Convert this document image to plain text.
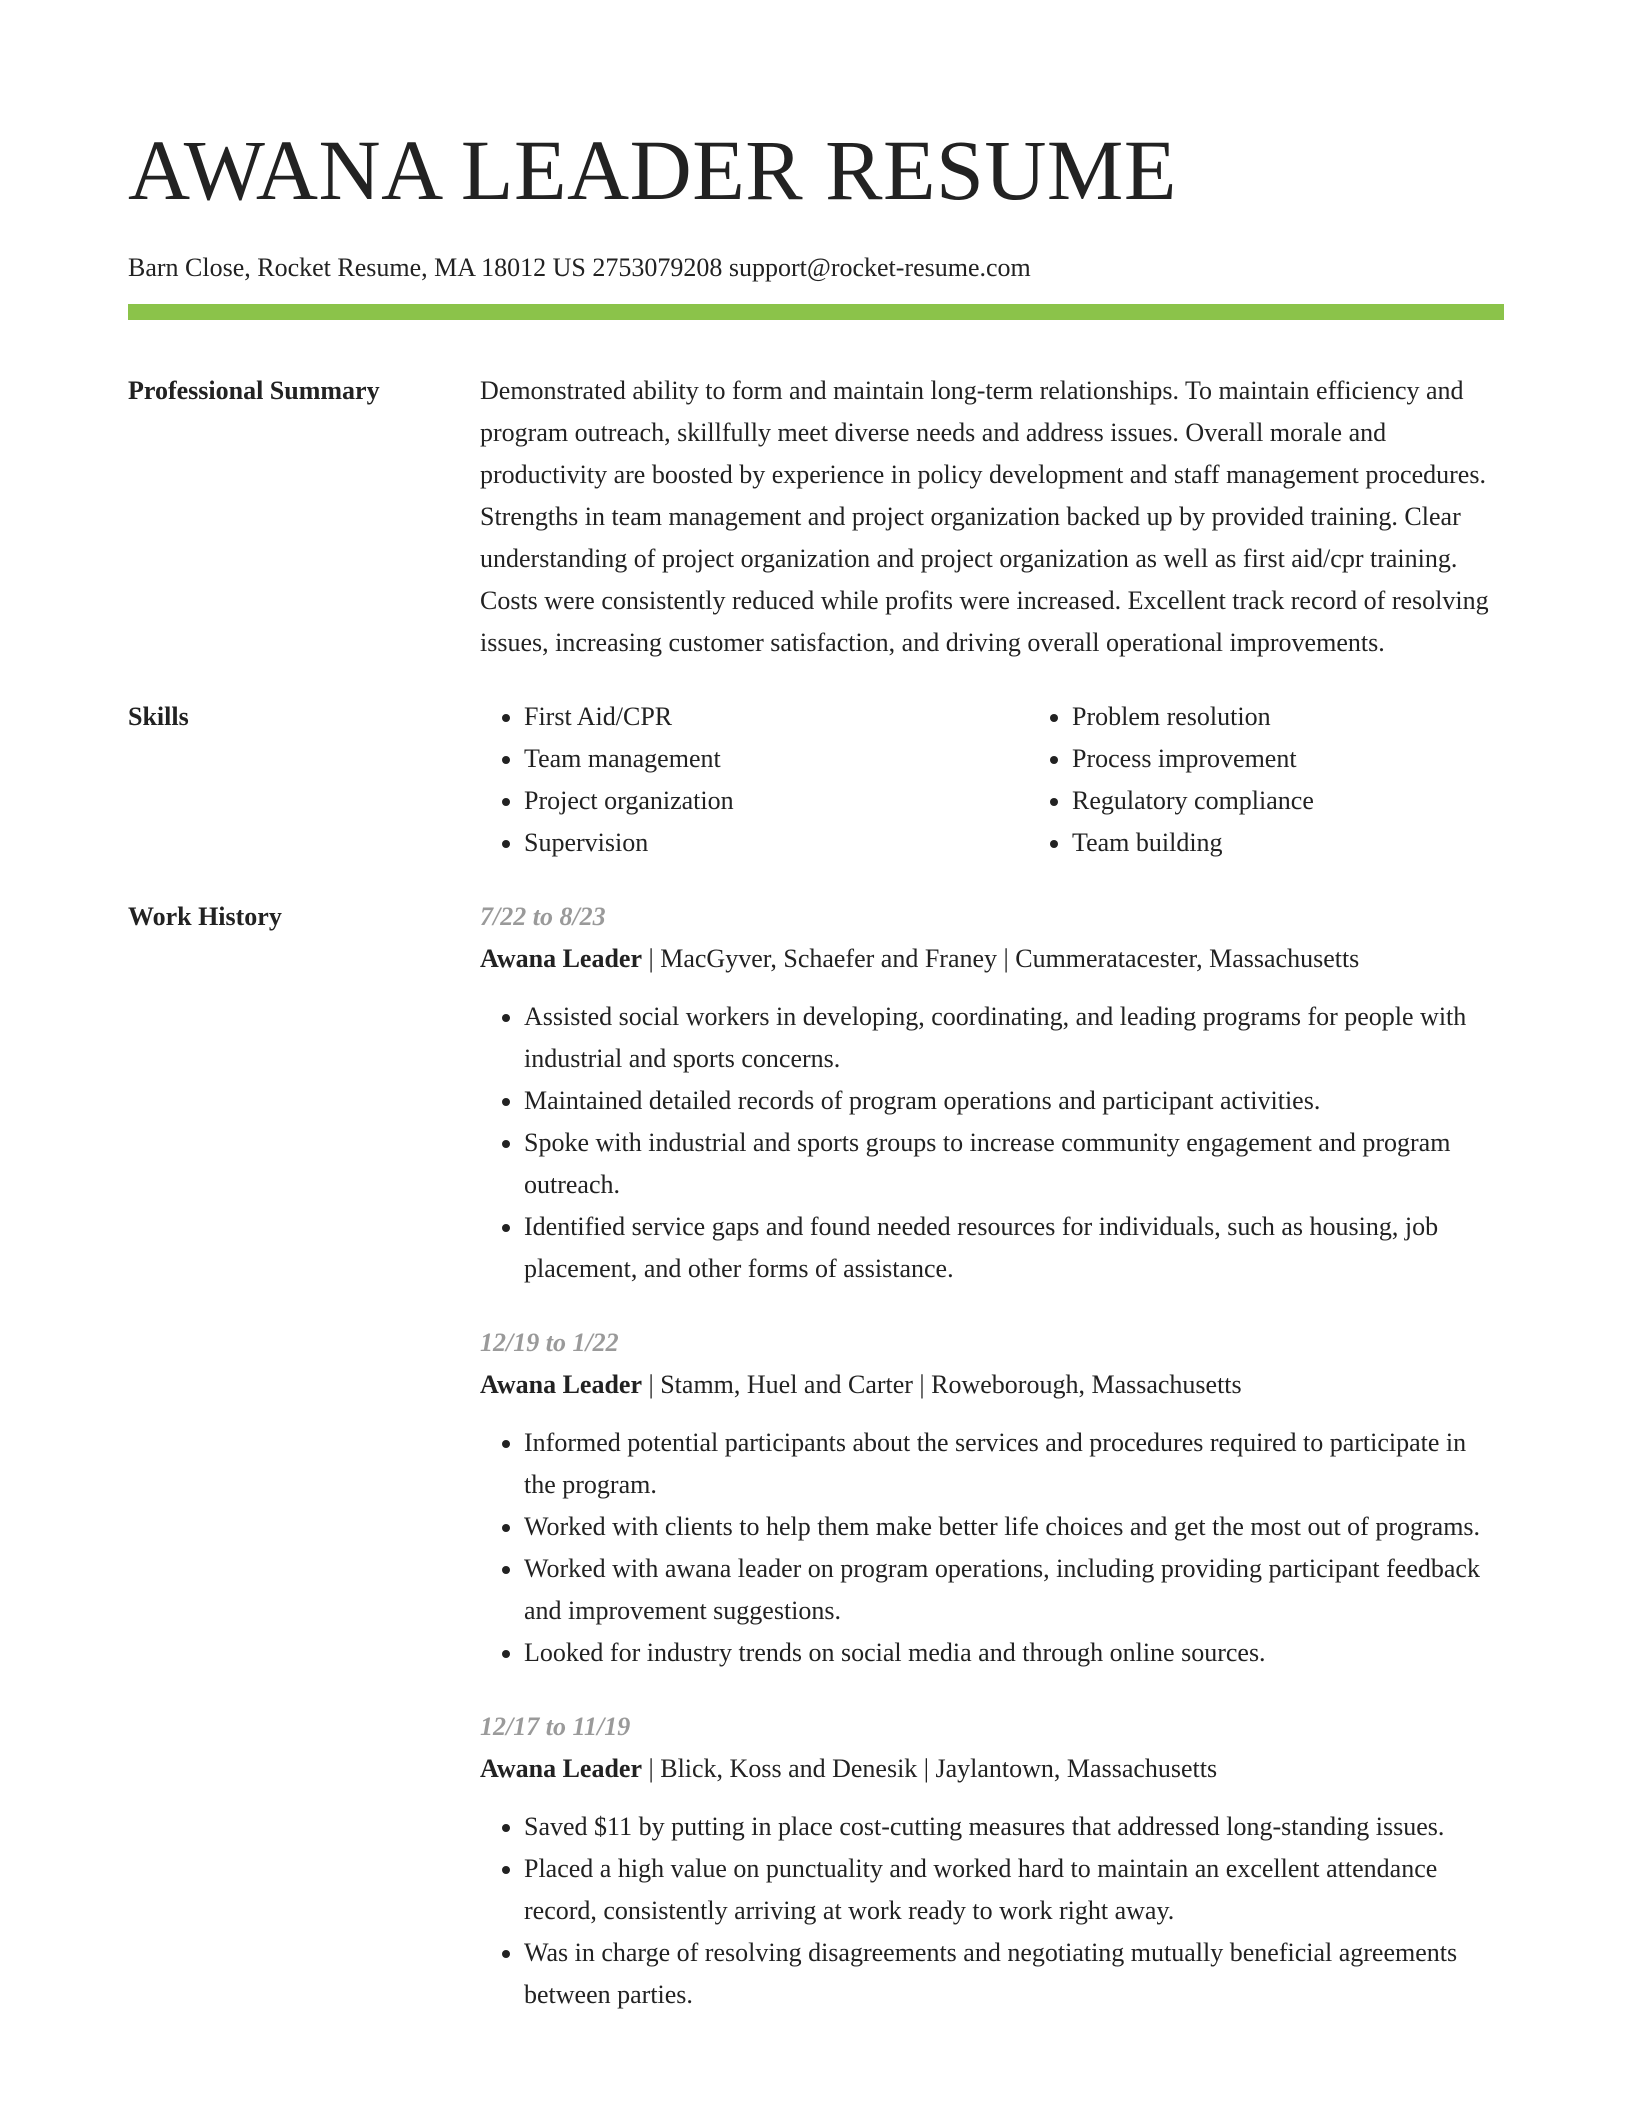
AWANA LEADER RESUME
Barn Close, Rocket Resume, MA 18012 US 2753079208 support@rocket-resume.com
Professional Summary	Demonstrated ability to form and maintain long-term relationships. To maintain efficiency and program outreach, skillfully meet diverse needs and address issues. Overall morale and productivity are boosted by experience in policy development and staff management procedures. Strengths in team management and project organization backed up by provided training. Clear understanding of project organization and project organization as well as first aid/cpr training. Costs were consistently reduced while profits were increased. Excellent track record of resolving issues, increasing customer satisfaction, and driving overall operational improvements.
Skills
•	First Aid/CPR
• Team management
• Project organization
• Supervision
• Problem resolution
• Process improvement
• Regulatory compliance
• Team building
Work History	7/22 to 8/23
Awana Leader | MacGyver, Schaefer and Franey | Cummeratacester, Massachusetts
• Assisted social workers in developing, coordinating, and leading programs for people with industrial and sports concerns.
• Maintained detailed records of program operations and participant activities.
• Spoke with industrial and sports groups to increase community engagement and program outreach.
• Identified service gaps and found needed resources for individuals, such as housing, job placement, and other forms of assistance.
12/19 to 1/22
Awana Leader | Stamm, Huel and Carter | Roweborough, Massachusetts
• Informed potential participants about the services and procedures required to participate in the program.
• Worked with clients to help them make better life choices and get the most out of programs.
• Worked with awana leader on program operations, including providing participant feedback and improvement suggestions.
• Looked for industry trends on social media and through online sources.
12/17 to 11/19
Awana Leader | Blick, Koss and Denesik | Jaylantown, Massachusetts
• Saved $11 by putting in place cost-cutting measures that addressed long-standing issues.
• Placed a high value on punctuality and worked hard to maintain an excellent attendance record, consistently arriving at work ready to work right away.
• Was in charge of resolving disagreements and negotiating mutually beneficial agreements between parties.
